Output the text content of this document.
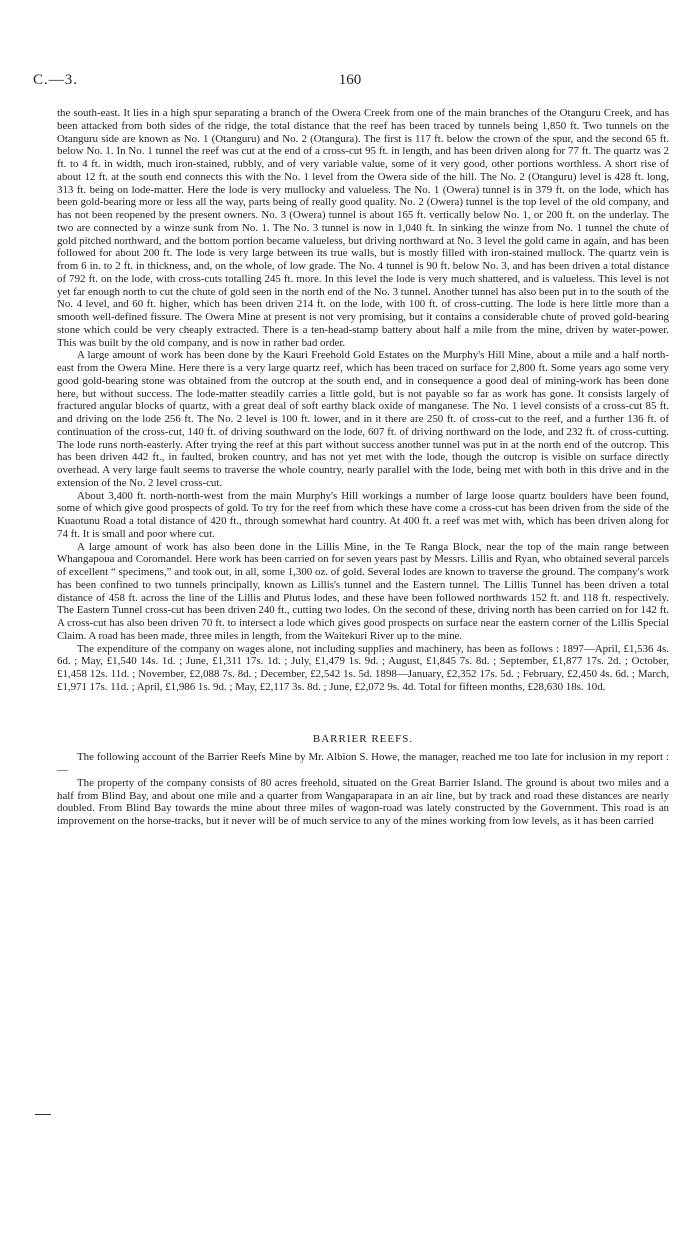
C.—3.	160

the south-east. It lies in a high spur separating a branch of the Owera Creek from one of the main branches of the Otanguru Creek, and has been attacked from both sides of the ridge, the total distance that the reef has been traced by tunnels being 1,850 ft. Two tunnels on the Otanguru side are known as No. 1 (Otanguru) and No. 2 (Otangura). The first is 117 ft. below the crown of the spur, and the second 65 ft. below No. 1. In No. 1 tunnel the reef was cut at the end of a cross-cut 95 ft. in length, and has been driven along for 77 ft. The quartz was 2 ft. to 4 ft. in width, much iron-stained, rubbly, and of very variable value, some of it very good, other portions worthless. A short rise of about 12 ft. at the south end connects this with the No. 1 level from the Owera side of the hill. The No. 2 (Otanguru) level is 428 ft. long, 313 ft. being on lode-matter. Here the lode is very mullocky and valueless. The No. 1 (Owera) tunnel is in 379 ft. on the lode, which has been gold-bearing more or less all the way, parts being of really good quality. No. 2 (Owera) tunnel is the top level of the old company, and has not been reopened by the present owners. No. 3 (Owera) tunnel is about 165 ft. vertically below No. 1, or 200 ft. on the underlay. The two are connected by a winze sunk from No. 1. The No. 3 tunnel is now in 1,040 ft. In sinking the winze from No. 1 tunnel the chute of gold pitched northward, and the bottom portion became valueless, but driving northward at No. 3 level the gold came in again, and has been followed for about 200 ft. The lode is very large between its true walls, but is mostly filled with iron-stained mullock. The quartz vein is from 6 in. to 2 ft. in thickness, and, on the whole, of low grade. The No. 4 tunnel is 90 ft. below No. 3, and has been driven a total distance of 792 ft. on the lode, with cross-cuts totalling 245 ft. more. In this level the lode is very much shattered, and is valueless. This level is not yet far enough north to cut the chute of gold seen in the north end of the No. 3 tunnel. Another tunnel has also been put in to the south of the No. 4 level, and 60 ft. higher, which has been driven 214 ft. on the lode, with 100 ft. of cross-cutting. The lode is here little more than a smooth well-defined fissure. The Owera Mine at present is not very promising, but it contains a considerable chute of proved gold-bearing stone which could be very cheaply extracted. There is a ten-head-stamp battery about half a mile from the mine, driven by water-power. This was built by the old company, and is now in rather bad order.

A large amount of work has been done by the Kauri Freehold Gold Estates on the Murphy's Hill Mine, about a mile and a half north-east from the Owera Mine. Here there is a very large quartz reef, which has been traced on surface for 2,800 ft. Some years ago some very good gold-bearing stone was obtained from the outcrop at the south end, and in consequence a good deal of mining-work has been done here, but without success. The lode-matter steadily carries a little gold, but is not payable so far as work has gone. It consists largely of fractured angular blocks of quartz, with a great deal of soft earthy black oxide of manganese. The No. 1 level consists of a cross-cut 85 ft. and driving on the lode 256 ft. The No. 2 level is 100 ft. lower, and in it there are 250 ft. of cross-cut to the reef, and a further 136 ft. of continuation of the cross-cut, 140 ft. of driving southward on the lode, 607 ft. of driving northward on the lode, and 232 ft. of cross-cutting. The lode runs north-easterly. After trying the reef at this part without success another tunnel was put in at the north end of the outcrop. This has been driven 442 ft., in faulted, broken country, and has not yet met with the lode, though the outcrop is visible on surface directly overhead. A very large fault seems to traverse the whole country, nearly parallel with the lode, being met with both in this drive and in the extension of the No. 2 level cross-cut.

About 3,400 ft. north-north-west from the main Murphy's Hill workings a number of large loose quartz boulders have been found, some of which give good prospects of gold. To try for the reef from which these have come a cross-cut has been driven from the side of the Kuaotunu Road a total distance of 420 ft., through somewhat hard country. At 400 ft. a reef was met with, which has been driven along for 74 ft. It is small and poor where cut.

A large amount of work has also been done in the Lillis Mine, in the Te Ranga Block, near the top of the main range between Whangapoua and Coromandel. Here work has been carried on for seven years past by Messrs. Lillis and Ryan, who obtained several parcels of excellent “ specimens,” and took out, in all, some 1,300 oz. of gold. Several lodes are known to traverse the ground. The company's work has been confined to two tunnels principally, known as Lillis's tunnel and the Eastern tunnel. The Lillis Tunnel has been driven a total distance of 458 ft. across the line of the Lillis and Plutus lodes, and these have been followed northwards 152 ft. and 118 ft. respectively. The Eastern Tunnel cross-cut has been driven 240 ft., cutting two lodes. On the second of these, driving north has been carried on for 142 ft. A cross-cut has also been driven 70 ft. to intersect a lode which gives good prospects on surface near the eastern corner of the Lillis Special Claim. A road has been made, three miles in length, from the Waitekuri River up to the mine.

The expenditure of the company on wages alone, not including supplies and machinery, has been as follows : 1897—April, £1,536 4s. 6d. ; May, £1,540 14s. 1d. ; June, £1,311 17s. 1d. ; July, £1,479 1s. 9d. ; August, £1,845 7s. 8d. ; September, £1,877 17s. 2d. ; October, £1,458 12s. 11d. ; November, £2,088 7s. 8d. ; December, £2,542 1s. 5d. 1898—January, £2,352 17s. 5d. ; February, £2,450 4s. 6d. ; March, £1,971 17s. 11d. ; April, £1,986 1s. 9d. ; May, £2,117 3s. 8d. ; June, £2,072 9s. 4d. Total for fifteen months, £28,630 18s. 10d.

BARRIER REEFS.

The following account of the Barrier Reefs Mine by Mr. Albion S. Howe, the manager, reached me too late for inclusion in my report :—

The property of the company consists of 80 acres freehold, situated on the Great Barrier Island. The ground is about two miles and a half from Blind Bay, and about one mile and a quarter from Wangaparapara in an air line, but by track and road these distances are nearly doubled. From Blind Bay towards the mine about three miles of wagon-road was lately constructed by the Government. This road is an improvement on the horse-tracks, but it never will be of much service to any of the mines working from low levels, as it has been carried
